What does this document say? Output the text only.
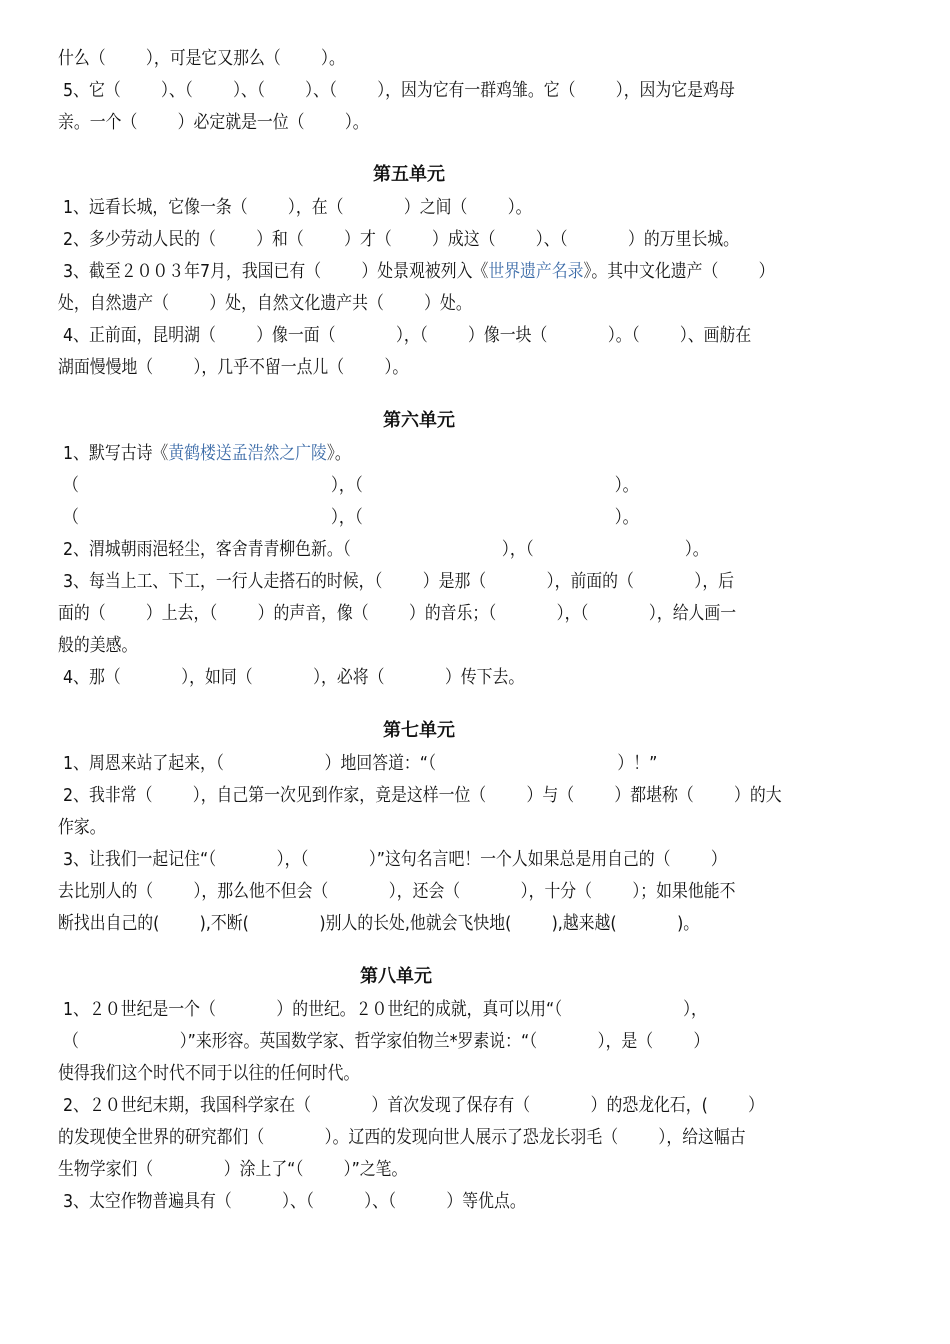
什么（        ），可是它又那么（        ）。
5、它（        ）、（        ）、（        ）、（        ），因为它有一群鸡雏。它（        ），因为它是鸡母
亲。一个（        ）必定就是一位（        ）。
第五单元
1、远看长城，它像一条（        ），在（            ）之间（        ）。
2、多少劳动人民的（        ）和（        ）才（        ）成这（        ）、（            ）的万里长城。
3、截至２００３年7月，我国已有（        ）处景观被列入《世界遗产名录》。其中文化遗产（        ）
处，自然遗产（        ）处，自然文化遗产共（        ）处。
4、正前面，昆明湖（        ）像一面（            ），（        ）像一块（            ）。（        ）、画舫在
湖面慢慢地（        ），几乎不留一点儿（        ）。
第六单元
1、默写古诗《黄鹤楼送孟浩然之广陵》。
（                                                  ），（                                                  ）。
（                                                  ），（                                                  ）。
2、渭城朝雨浥轻尘，客舍青青柳色新。（                              ），（                              ）。
3、每当上工、下工，一行人走搭石的时候，（        ）是那（            ），前面的（            ），后
面的（        ）上去，（        ）的声音，像（        ）的音乐；（            ），（            ），给人画一
般的美感。
4、那（            ），如同（            ），必将（            ）传下去。
第七单元
1、周恩来站了起来，（                    ）地回答道：“（                                    ）！”
2、我非常（        ），自己第一次见到作家，竟是这样一位（        ）与（        ）都堪称（        ）的大
作家。
3、让我们一起记住“（            ），（            ）”这句名言吧！一个人如果总是用自己的（        ）
去比别人的（        ），那么他不但会（            ），还会（            ），十分（        ）；如果他能不
断找出自己的(        ),不断(              )别人的长处,他就会飞快地(        ),越来越(            )。
第八单元
1、２０世纪是一个（            ）的世纪。２０世纪的成就，真可以用“（                        ），
（                    ）”来形容。英国数学家、哲学家伯物兰*罗素说：“（            ），是（        ）
使得我们这个时代不同于以往的任何时代。
2、２０世纪末期，我国科学家在（            ）首次发现了保存有（            ）的恐龙化石，(        ）
的发现使全世界的研究都们（            ）。辽西的发现向世人展示了恐龙长羽毛（        ），给这幅古
生物学家们（              ）涂上了“（        ）”之笔。
3、太空作物普遍具有（          ）、（          ）、（          ）等优点。
